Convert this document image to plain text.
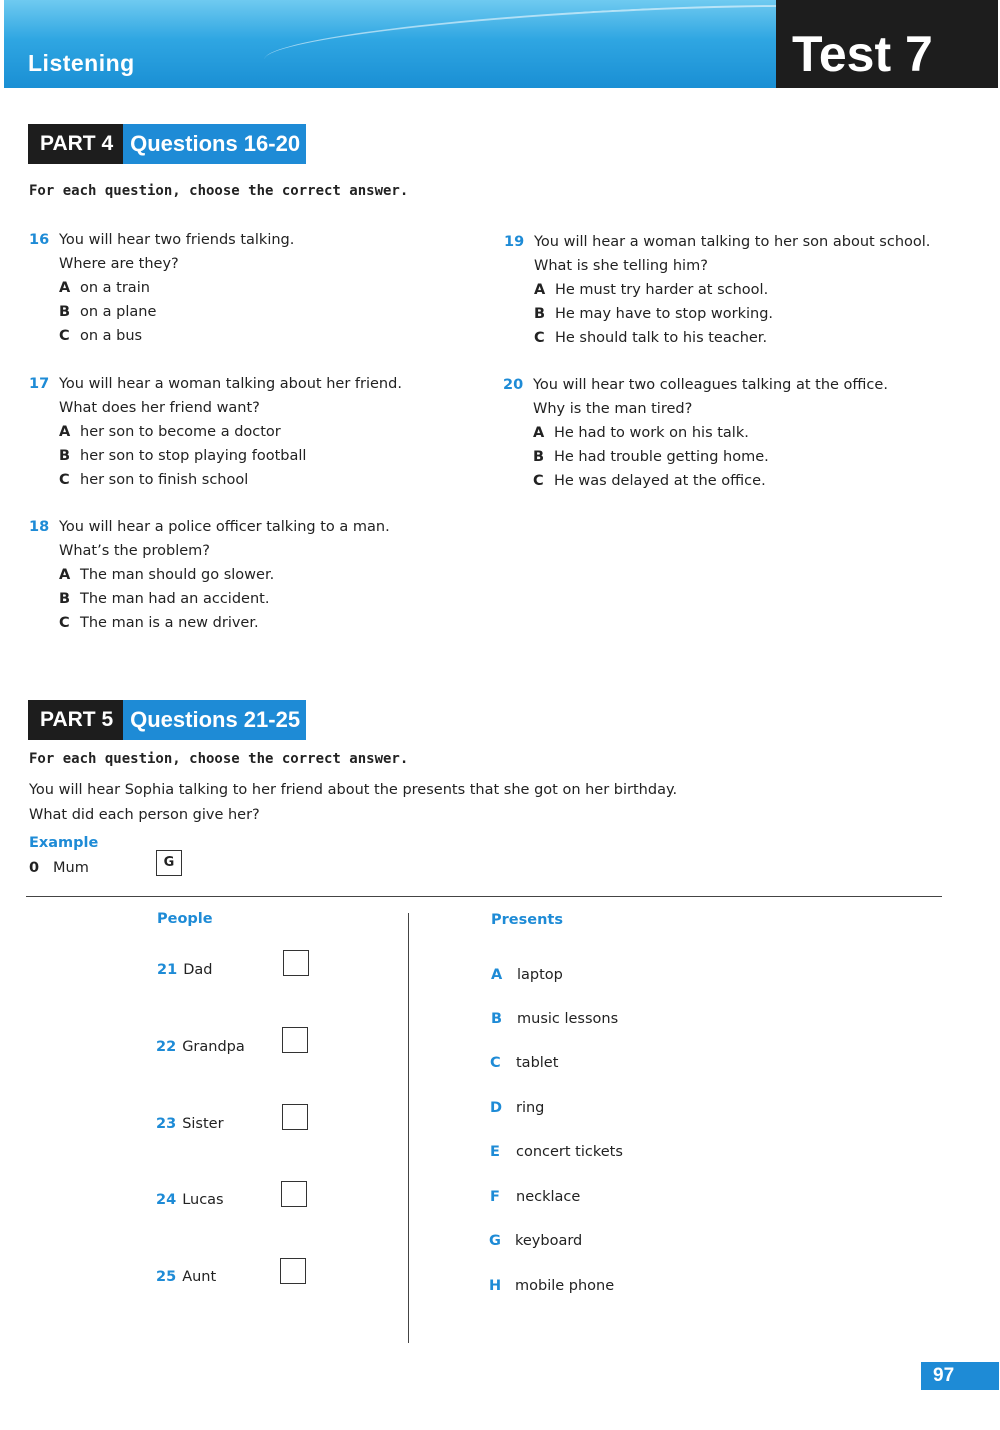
Listening	Test 7
PART 4 Questions 16-20
For each question, choose the correct answer.
16 You will hear two friends talking.
Where are they?
A on a train
B on a plane
C on a bus
17 You will hear a woman talking about her friend.
What does her friend want?
A her son to become a doctor
B her son to stop playing football
C her son to finish school
18 You will hear a police officer talking to a man.
What’s the problem?
A The man should go slower.
B The man had an accident.
C The man is a new driver.
19 You will hear a woman talking to her son about school.
What is she telling him?
A He must try harder at school.
B He may have to stop working.
C He should talk to his teacher.
20 You will hear two colleagues talking at the office.
Why is the man tired?
A He had to work on his talk.
B He had trouble getting home.
C He was delayed at the office.
PART 5 Questions 21-25
For each question, choose the correct answer.
You will hear Sophia talking to her friend about the presents that she got on her birthday.
What did each person give her?
Example
0 Mum	G
People
21 Dad
22 Grandpa
23 Sister
24 Lucas
25 Aunt
Presents
A laptop
B music lessons
C tablet
D ring
E concert tickets
F necklace
G keyboard
H mobile phone
97
